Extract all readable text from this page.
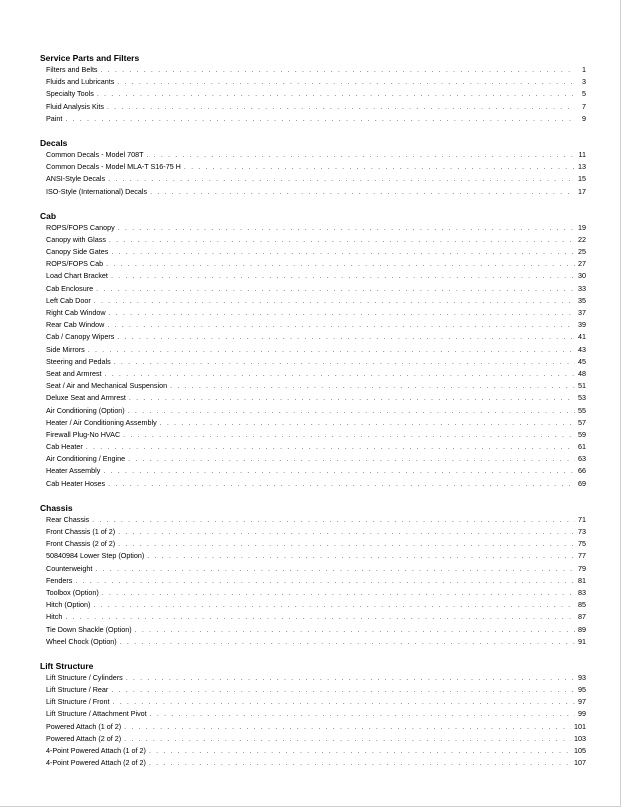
Service Parts and Filters
Filters and Belts . . .	1
Fluids and Lubricants . . .	3
Specialty Tools . . .	5
Fluid Analysis Kits . . .	7
Paint . . .	9
Decals
Common Decals - Model 708T . . .	11
Common Decals - Model MLA-T S16-75 H . . .	13
ANSI-Style Decals . . .	15
ISO-Style (International) Decals . . .	17
Cab
ROPS/FOPS Canopy . . .	19
Canopy with Glass . . .	22
Canopy Side Gates . . .	25
ROPS/FOPS Cab . . .	27
Load Chart Bracket . . .	30
Cab Enclosure . . .	33
Left Cab Door . . .	35
Right Cab Window . . .	37
Rear Cab Window . . .	39
Cab / Canopy Wipers . . .	41
Side Mirrors . . .	43
Steering and Pedals . . .	45
Seat and Armrest . . .	48
Seat / Air and Mechanical Suspension . . .	51
Deluxe Seat and Armrest . . .	53
Air Conditioning (Option) . . .	55
Heater / Air Conditioning Assembly . . .	57
Firewall Plug-No HVAC . . .	59
Cab Heater . . .	61
Air Conditioning / Engine . . .	63
Heater Assembly . . .	66
Cab Heater Hoses . . .	69
Chassis
Rear Chassis . . .	71
Front Chassis (1 of 2) . . .	73
Front Chassis (2 of 2) . . .	75
50840984 Lower Step (Option) . . .	77
Counterweight . . .	79
Fenders . . .	81
Toolbox (Option) . . .	83
Hitch (Option) . . .	85
Hitch . . .	87
Tie Down Shackle (Option) . . .	89
Wheel Chock (Option) . . .	91
Lift Structure
Lift Structure / Cylinders . . .	93
Lift Structure / Rear . . .	95
Lift Structure / Front . . .	97
Lift Structure / Attachment Pivot . . .	99
Powered Attach (1 of 2) . . .	101
Powered Attach (2 of 2) . . .	103
4-Point Powered Attach (1 of 2) . . .	105
4-Point Powered Attach (2 of 2) . . .	107
